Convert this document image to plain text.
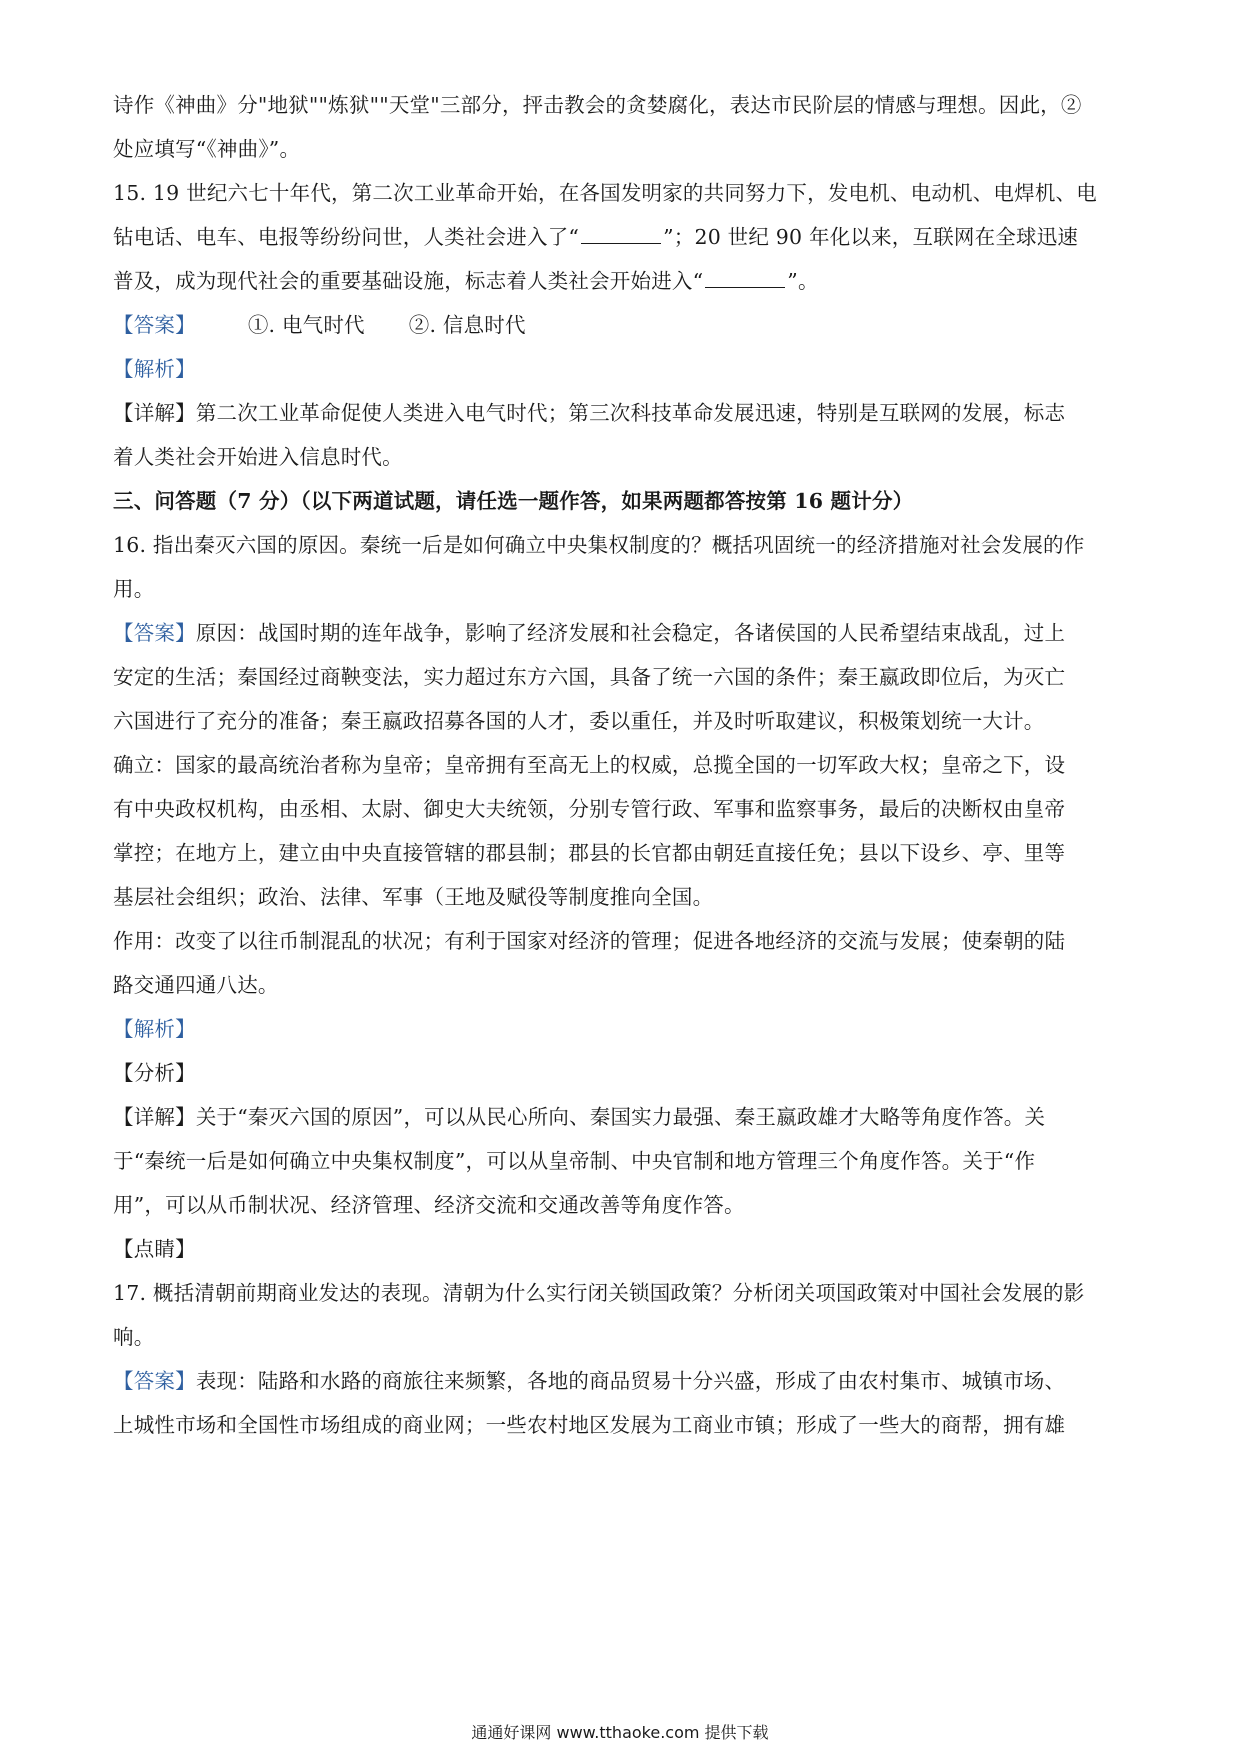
诗作《神曲》分"地狱""炼狱""天堂"三部分，抨击教会的贪婪腐化，表达市民阶层的情感与理想。因此，②
处应填写“《神曲》”。
15. 19 世纪六七十年代，第二次工业革命开始，在各国发明家的共同努力下，发电机、电动机、电焊机、电
钻电话、电车、电报等纷纷问世，人类社会进入了“	”；20 世纪 90 年化以来，互联网在全球迅速
普及，成为现代社会的重要基础设施，标志着人类社会开始进入“	”。
【答案】	①. 电气时代 ②. 信息时代
【解析】
【详解】第二次工业革命促使人类进入电气时代；第三次科技革命发展迅速，特别是互联网的发展，标志
着人类社会开始进入信息时代。
三、问答题（7 分）（以下两道试题，请任选一题作答，如果两题都答按第 16 题计分）
16. 指出秦灭六国的原因。秦统一后是如何确立中央集权制度的？概括巩固统一的经济措施对社会发展的作
用。
【答案】原因：战国时期的连年战争，影响了经济发展和社会稳定，各诸侯国的人民希望结束战乱，过上
安定的生活；秦国经过商鞅变法，实力超过东方六国，具备了统一六国的条件；秦王嬴政即位后，为灭亡
六国进行了充分的准备；秦王嬴政招募各国的人才，委以重任，并及时听取建议，积极策划统一大计。
确立：国家的最高统治者称为皇帝；皇帝拥有至高无上的权威，总揽全国的一切军政大权；皇帝之下，设
有中央政权机构，由丞相、太尉、御史大夫统领，分别专管行政、军事和监察事务，最后的决断权由皇帝
掌控；在地方上，建立由中央直接管辖的郡县制；郡县的长官都由朝廷直接任免；县以下设乡、亭、里等
基层社会组织；政治、法律、军事（王地及赋役等制度推向全国。
作用：改变了以往币制混乱的状况；有利于国家对经济的管理；促进各地经济的交流与发展；使秦朝的陆
路交通四通八达。
【解析】
【分析】
【详解】关于“秦灭六国的原因”，可以从民心所向、秦国实力最强、秦王嬴政雄才大略等角度作答。关
于“秦统一后是如何确立中央集权制度”，可以从皇帝制、中央官制和地方管理三个角度作答。关于“作
用”，可以从币制状况、经济管理、经济交流和交通改善等角度作答。
【点睛】
17. 概括清朝前期商业发达的表现。清朝为什么实行闭关锁国政策？分析闭关项国政策对中国社会发展的影
响。
【答案】表现：陆路和水路的商旅往来频繁，各地的商品贸易十分兴盛，形成了由农村集市、城镇市场、
上城性市场和全国性市场组成的商业网；一些农村地区发展为工商业市镇；形成了一些大的商帮，拥有雄
通通好课网 www.tthaoke.com 提供下载
